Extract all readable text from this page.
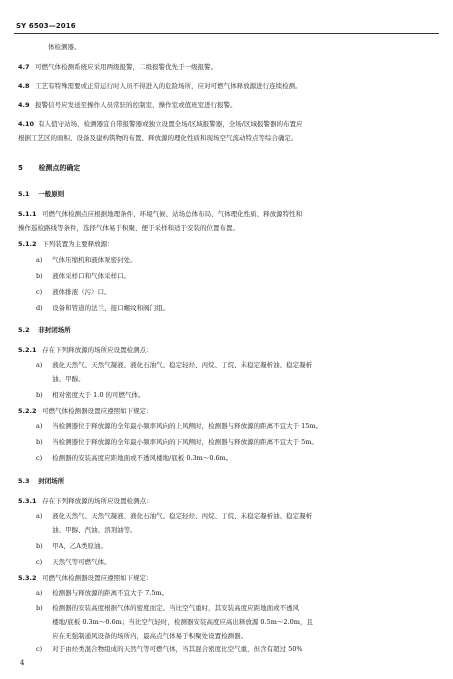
SY 6503—2016
体检测器。
4.7 可燃气体检测系统应采用两级报警，二级报警优先于一级报警。
4.8 工艺有特殊需要或正常运行时人员不得进入的危险场所，应对可燃气体释放源进行连续检测。
4.9 报警信号应发送至操作人员常驻的控制室、操作室或值班室进行报警。
4.10 有人值守站场，检测器宜自带报警器或独立设置全场/区域报警器，全场/区域报警器的布置应
根据工艺区的面积、设备及建构筑物的布置、释放源的理化性质和现场空气流动特点等综合确定。
5 检测点的确定
5.1 一般原则
5.1.1 可燃气体检测点应根据地理条件、环境气候、站场总体布局、气体理化性质、释放源特性和
操作巡检路线等条件，选择气体易于积聚、便于采样和适于安装的位置布置。
5.1.2 下列装置为主要释放源：
a) 气体压缩机和液体泵密封处。
b) 液体采样口和气体采样口。
c) 液体排液（污）口。
d) 设备和管道的法兰、接口螺纹和阀门组。
5.2 非封闭场所
5.2.1 存在下列释放源的场所应设置检测点：
a) 液化天然气、天然气凝液、液化石油气、稳定轻烃、丙烷、丁烷、未稳定凝析油、稳定凝析
油、甲醇。
b) 相对密度大于 1.0 的可燃气体。
5.2.2 可燃气体检测器设置应遵照如下规定：
a) 当检测器位于释放源的全年最小频率风向的上风侧时，检测器与释放源的距离不宜大于 15m。
b) 当检测器位于释放源的全年最小频率风向的下风侧时，检测器与释放源的距离不宜大于 5m。
c) 检测器的安装高度应距地面或不透风楼地/底板 0.3m～0.6m。
5.3 封闭场所
5.3.1 存在下列释放源的场所应设置检测点：
a) 液化天然气、天然气凝液、液化石油气、稳定轻烃、丙烷、丁烷、未稳定凝析油、稳定凝析
油、甲醇、汽油、溶剂油等。
b) 甲A、乙A类原油。
c) 天然气等可燃气体。
5.3.2 可燃气体检测器设置应遵照如下规定：
a) 检测器与释放源的距离不宜大于 7.5m。
b) 检测器的安装高度根据气体的密度而定。当比空气重时，其安装高度应距地面或不透风
楼地/底板 0.3m～0.6m；当比空气轻时，检测器安装高度应高出释放源 0.5m～2.0m，且
应在无强制通风设备的场所内，最高点气体易于积聚处设置检测器。
c) 对于由烃类混合物组成的天然气等可燃气体，当其混合密度比空气重，但含有超过 50%
4
